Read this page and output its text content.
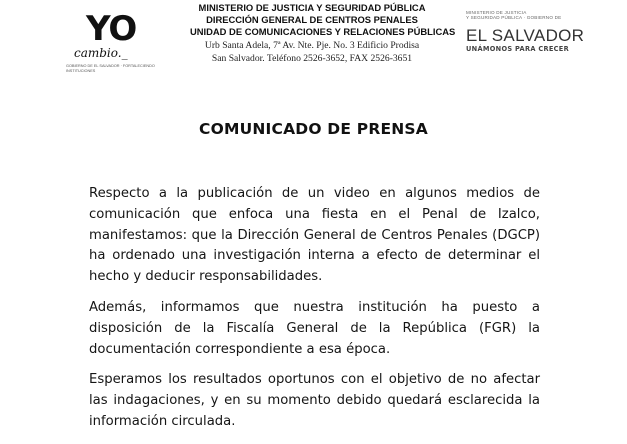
YO
cambio._
GOBIERNO DE EL SALVADOR · FORTALECIENDO INSTITUCIONES
MINISTERIO DE JUSTICIA Y SEGURIDAD PÚBLICA
DIRECCIÓN GENERAL DE CENTROS PENALES
UNIDAD DE COMUNICACIONES Y RELACIONES PÚBLICAS
Urb Santa Adela, 7ª Av. Nte. Pje. No. 3 Edificio Prodisa
San Salvador. Teléfono 2526-3652, FAX 2526-3651
MINISTERIO DE JUSTICIA
Y SEGURIDAD PÚBLICA · GOBIERNO DE
EL SALVADOR
UNÁMONOS PARA CRECER
COMUNICADO DE PRENSA

Respecto a la publicación de un video en algunos medios de comunicación que enfoca una fiesta en el Penal de Izalco, manifestamos: que la Dirección General de Centros Penales (DGCP) ha ordenado una investigación interna a efecto de determinar el hecho y deducir responsabilidades.

Además, informamos que nuestra institución ha puesto a disposición de la Fiscalía General de la República (FGR) la documentación correspondiente a esa época.

Esperamos los resultados oportunos con el objetivo de no afectar las indagaciones, y en su momento debido quedará esclarecida la información circulada.
